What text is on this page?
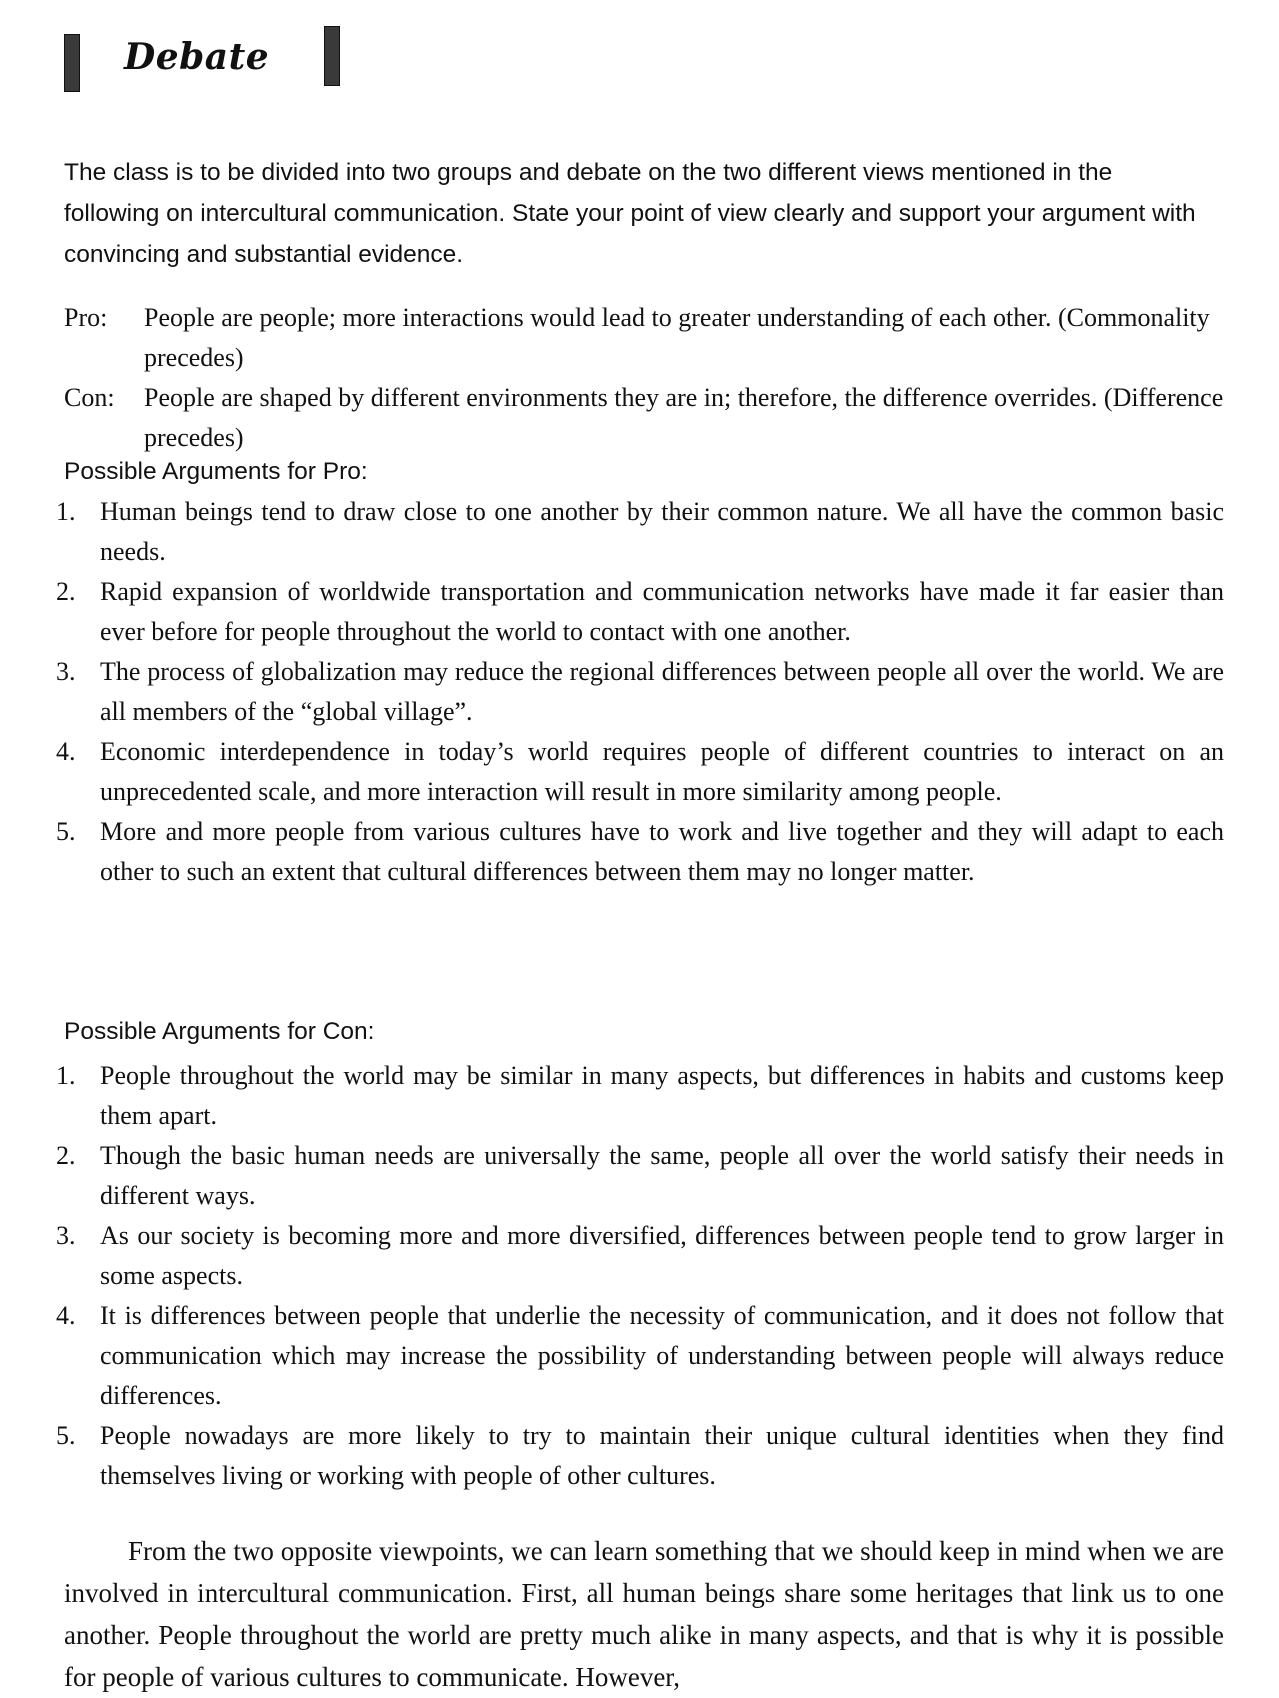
Debate
The class is to be divided into two groups and debate on the two different views mentioned in the following on intercultural communication. State your point of view clearly and support your argument with convincing and substantial evidence.
Pro:	People are people; more interactions would lead to greater understanding of each other. (Commonality precedes)
Con:	People are shaped by different environments they are in; therefore, the difference overrides. (Difference precedes)
Possible Arguments for Pro:
1. Human beings tend to draw close to one another by their common nature. We all have the common basic needs.
2. Rapid expansion of worldwide transportation and communication networks have made it far easier than ever before for people throughout the world to contact with one another.
3. The process of globalization may reduce the regional differences between people all over the world. We are all members of the “global village”.
4. Economic interdependence in today’s world requires people of different countries to interact on an unprecedented scale, and more interaction will result in more similarity among people.
5. More and more people from various cultures have to work and live together and they will adapt to each other to such an extent that cultural differences between them may no longer matter.
Possible Arguments for Con:
1. People throughout the world may be similar in many aspects, but differences in habits and customs keep them apart.
2. Though the basic human needs are universally the same, people all over the world satisfy their needs in different ways.
3. As our society is becoming more and more diversified, differences between people tend to grow larger in some aspects.
4. It is differences between people that underlie the necessity of communication, and it does not follow that communication which may increase the possibility of understanding between people will always reduce differences.
5. People nowadays are more likely to try to maintain their unique cultural identities when they find themselves living or working with people of other cultures.
From the two opposite viewpoints, we can learn something that we should keep in mind when we are involved in intercultural communication. First, all human beings share some heritages that link us to one another. People throughout the world are pretty much alike in many aspects, and that is why it is possible for people of various cultures to communicate. However,
